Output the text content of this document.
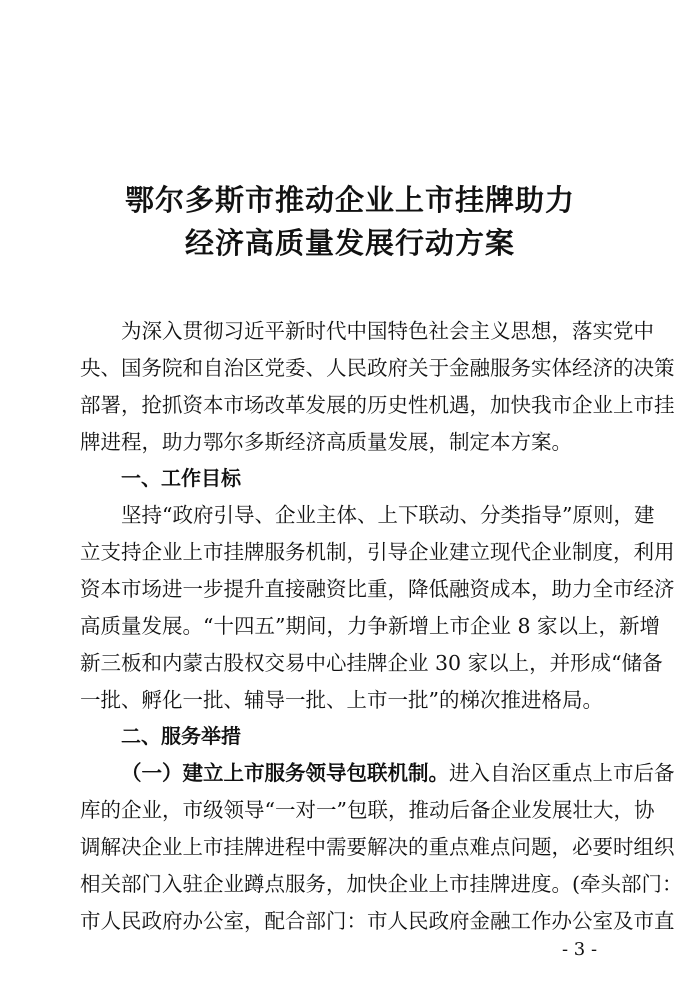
鄂尔多斯市推动企业上市挂牌助力
经济高质量发展行动方案
为深入贯彻习近平新时代中国特色社会主义思想，落实党中
央、国务院和自治区党委、人民政府关于金融服务实体经济的决策
部署，抢抓资本市场改革发展的历史性机遇，加快我市企业上市挂
牌进程，助力鄂尔多斯经济高质量发展，制定本方案。
一、工作目标
坚持“政府引导、企业主体、上下联动、分类指导”原则，建
立支持企业上市挂牌服务机制，引导企业建立现代企业制度，利用
资本市场进一步提升直接融资比重，降低融资成本，助力全市经济
高质量发展。“十四五”期间，力争新增上市企业 8 家以上，新增
新三板和内蒙古股权交易中心挂牌企业 30 家以上，并形成“储备
一批、孵化一批、辅导一批、上市一批”的梯次推进格局。
二、服务举措
（一）建立上市服务领导包联机制。进入自治区重点上市后备
库的企业，市级领导“一对一”包联，推动后备企业发展壮大，协
调解决企业上市挂牌进程中需要解决的重点难点问题，必要时组织
相关部门入驻企业蹲点服务，加快企业上市挂牌进度。(牵头部门：
市人民政府办公室，配合部门：市人民政府金融工作办公室及市直
- 3 -
